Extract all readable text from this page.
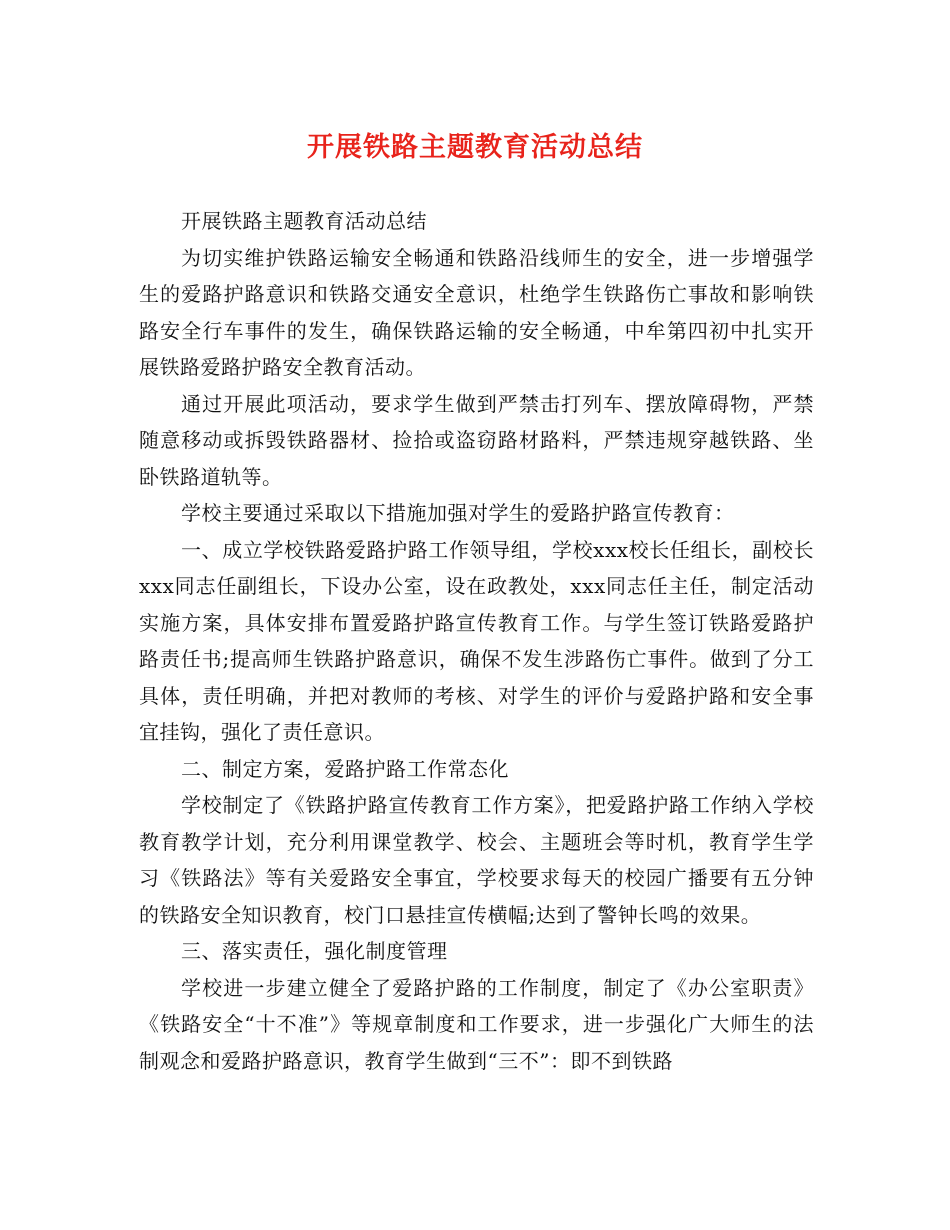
开展铁路主题教育活动总结

开展铁路主题教育活动总结

为切实维护铁路运输安全畅通和铁路沿线师生的安全，进一步增强学生的爱路护路意识和铁路交通安全意识，杜绝学生铁路伤亡事故和影响铁路安全行车事件的发生，确保铁路运输的安全畅通，中牟第四初中扎实开展铁路爱路护路安全教育活动。

通过开展此项活动，要求学生做到严禁击打列车、摆放障碍物，严禁随意移动或拆毁铁路器材、捡拾或盗窃路材路料，严禁违规穿越铁路、坐卧铁路道轨等。

学校主要通过采取以下措施加强对学生的爱路护路宣传教育：

一、成立学校铁路爱路护路工作领导组，学校xxx校长任组长，副校长xxx同志任副组长，下设办公室，设在政教处，xxx同志任主任，制定活动实施方案，具体安排布置爱路护路宣传教育工作。与学生签订铁路爱路护路责任书;提高师生铁路护路意识，确保不发生涉路伤亡事件。做到了分工具体，责任明确，并把对教师的考核、对学生的评价与爱路护路和安全事宜挂钩，强化了责任意识。

二、制定方案，爱路护路工作常态化

学校制定了《铁路护路宣传教育工作方案》，把爱路护路工作纳入学校教育教学计划，充分利用课堂教学、校会、主题班会等时机，教育学生学习《铁路法》等有关爱路安全事宜，学校要求每天的校园广播要有五分钟的铁路安全知识教育，校门口悬挂宣传横幅;达到了警钟长鸣的效果。

三、落实责任，强化制度管理

学校进一步建立健全了爱路护路的工作制度，制定了《办公室职责》《铁路安全“十不准”》等规章制度和工作要求，进一步强化广大师生的法制观念和爱路护路意识，教育学生做到“三不”：即不到铁路
